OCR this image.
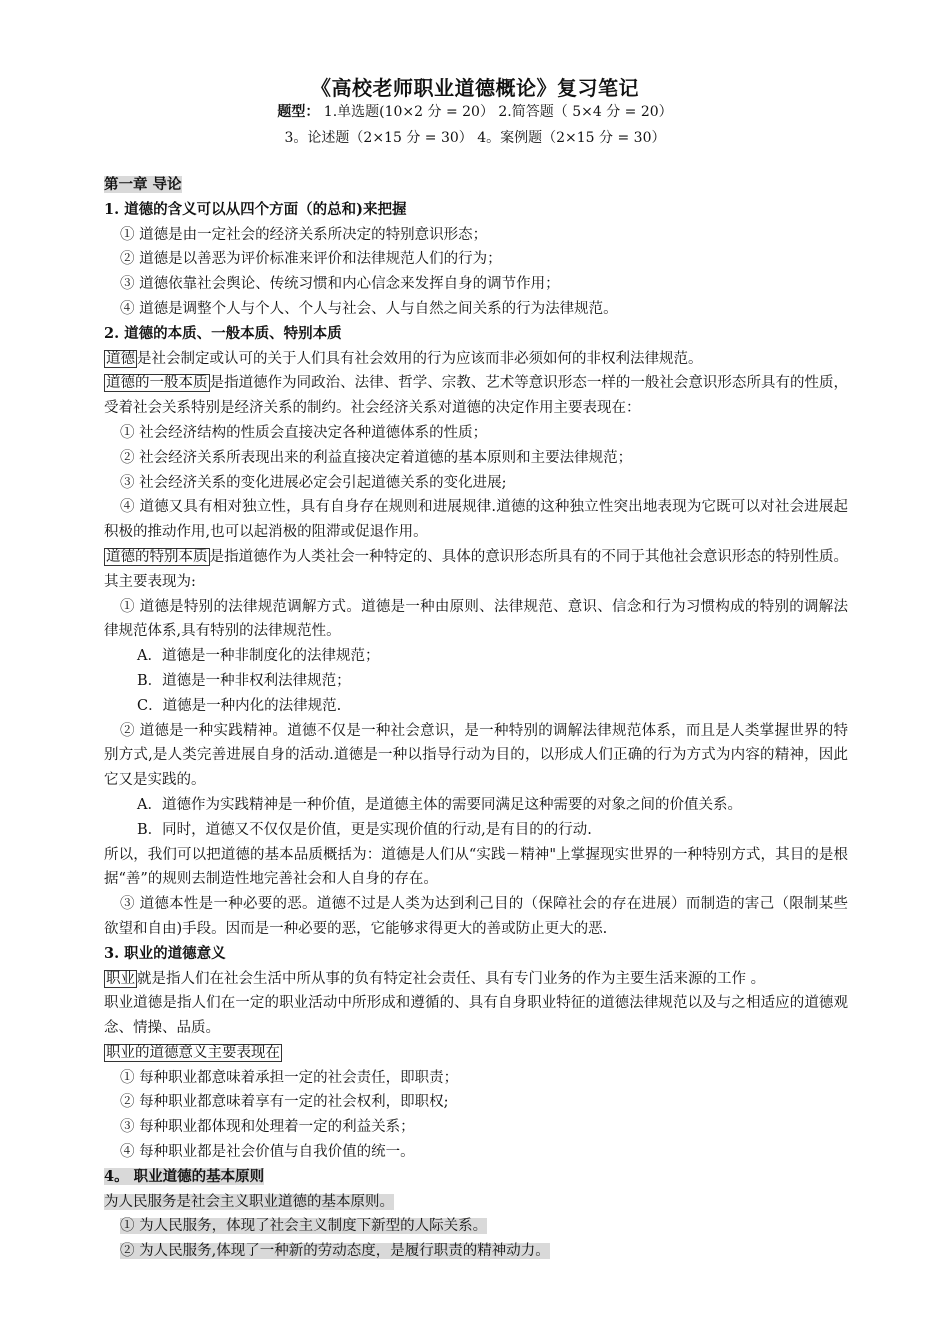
《高校老师职业道德概论》复习笔记
题型： 1.单选题(10×2 分 = 20） 2.简答题（ 5×4 分 = 20）
3。论述题（2×15 分 = 30） 4。案例题（2×15 分 = 30）

第一章 导论

1. 道德的含义可以从四个方面（的总和)来把握

① 道德是由一定社会的经济关系所决定的特别意识形态；

② 道德是以善恶为评价标准来评价和法律规范人们的行为；

③ 道德依靠社会舆论、传统习惯和内心信念来发挥自身的调节作用；

④ 道德是调整个人与个人、个人与社会、人与自然之间关系的行为法律规范。

2. 道德的本质、一般本质、特别本质

道德 是社会制定或认可的关于人们具有社会效用的行为应该而非必须如何的非权利法律规范。

道德的一般本质 是指道德作为同政治、法律、哲学、宗教、艺术等意识形态一样的一般社会意识形态所具有的性质，受着社会关系特别是经济关系的制约。社会经济关系对道德的决定作用主要表现在：

① 社会经济结构的性质会直接决定各种道德体系的性质；

② 社会经济关系所表现出来的利益直接决定着道德的基本原则和主要法律规范；

③ 社会经济关系的变化进展必定会引起道德关系的变化进展;

④ 道德又具有相对独立性，具有自身存在规则和进展规律.道德的这种独立性突出地表现为它既可以对社会进展起积极的推动作用,也可以起消极的阻滞或促退作用。

道德的特别本质 是指道德作为人类社会一种特定的、具体的意识形态所具有的不同于其他社会意识形态的特别性质。其主要表现为:

① 道德是特别的法律规范调解方式。道德是一种由原则、法律规范、意识、信念和行为习惯构成的特别的调解法律规范体系,具有特别的法律规范性。

A．道德是一种非制度化的法律规范；

B．道德是一种非权利法律规范；

C．道德是一种内化的法律规范.

② 道德是一种实践精神。道德不仅是一种社会意识，是一种特别的调解法律规范体系，而且是人类掌握世界的特别方式,是人类完善进展自身的活动.道德是一种以指导行动为目的，以形成人们正确的行为方式为内容的精神，因此它又是实践的。

A．道德作为实践精神是一种价值，是道德主体的需要同满足这种需要的对象之间的价值关系。

B．同时，道德又不仅仅是价值，更是实现价值的行动,是有目的的行动.

所以，我们可以把道德的基本品质概括为：道德是人们从“实践－精神"上掌握现实世界的一种特别方式，其目的是根据“善”的规则去制造性地完善社会和人自身的存在。

③ 道德本性是一种必要的恶。道德不过是人类为达到利己目的（保障社会的存在进展）而制造的害己（限制某些欲望和自由)手段。因而是一种必要的恶，它能够求得更大的善或防止更大的恶.

3. 职业的道德意义

职业 就是指人们在社会生活中所从事的负有特定社会责任、具有专门业务的作为主要生活来源的工作 。

职业道德是指人们在一定的职业活动中所形成和遵循的、具有自身职业特征的道德法律规范以及与之相适应的道德观念、情操、品质。

职业的道德意义主要表现在

① 每种职业都意味着承担一定的社会责任，即职责；

② 每种职业都意味着享有一定的社会权利，即职权;

③ 每种职业都体现和处理着一定的利益关系；

④ 每种职业都是社会价值与自我价值的统一。

4。 职业道德的基本原则

为人民服务是社会主义职业道德的基本原则。

① 为人民服务，体现了社会主义制度下新型的人际关系。

② 为人民服务,体现了一种新的劳动态度，是履行职责的精神动力。
